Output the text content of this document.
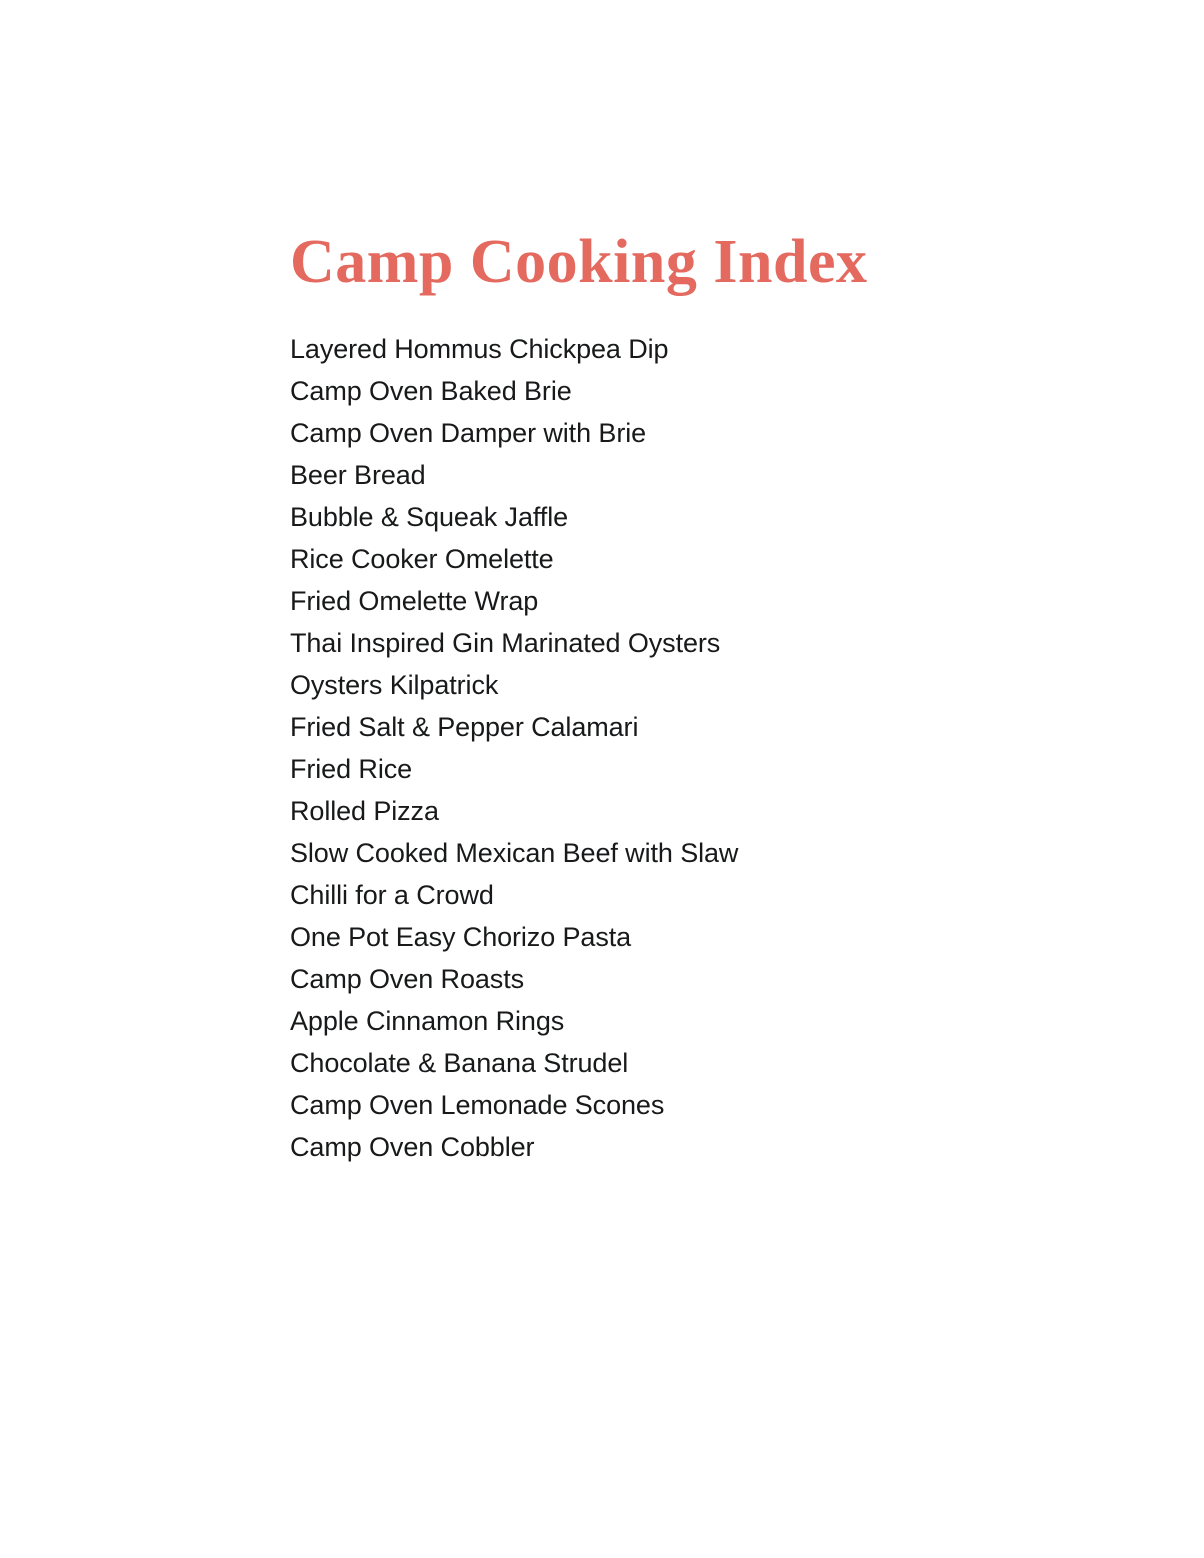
Camp Cooking Index
Layered Hommus Chickpea Dip
Camp Oven Baked Brie
Camp Oven Damper with Brie
Beer Bread
Bubble & Squeak Jaffle
Rice Cooker Omelette
Fried Omelette Wrap
Thai Inspired Gin Marinated Oysters
Oysters Kilpatrick
Fried Salt & Pepper Calamari
Fried Rice
Rolled Pizza
Slow Cooked Mexican Beef with Slaw
Chilli for a Crowd
One Pot Easy Chorizo Pasta
Camp Oven Roasts
Apple Cinnamon Rings
Chocolate & Banana Strudel
Camp Oven Lemonade Scones
Camp Oven Cobbler
